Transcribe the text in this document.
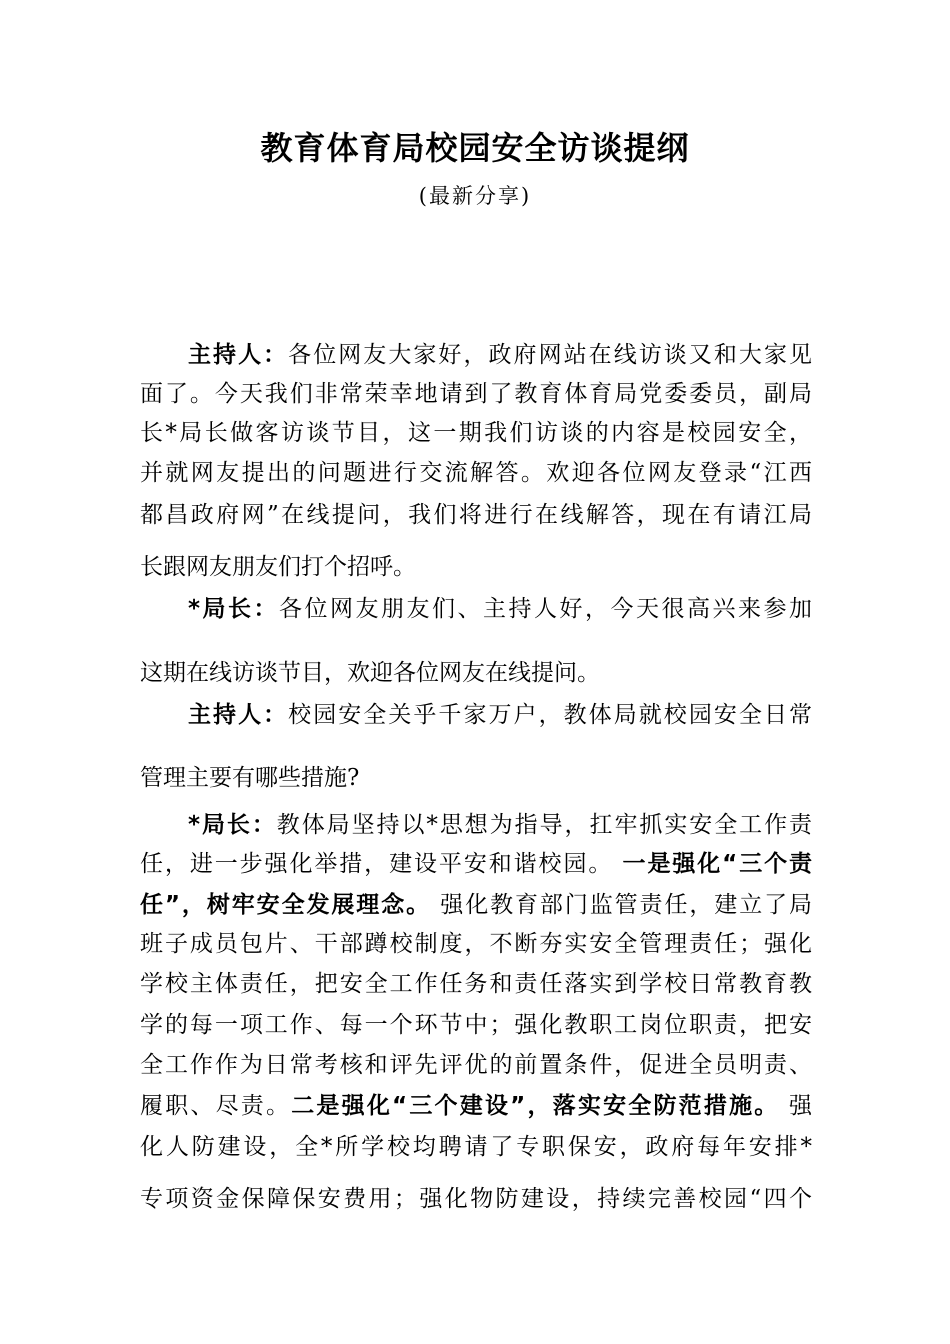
教育体育局校园安全访谈提纲
(最新分享)
主持人：各位网友大家好，政府网站在线访谈又和大家见
面了。今天我们非常荣幸地请到了教育体育局党委委员，副局
长*局长做客访谈节目，这一期我们访谈的内容是校园安全，
并就网友提出的问题进行交流解答。欢迎各位网友登录“江西
都昌政府网”在线提问，我们将进行在线解答，现在有请江局
长跟网友朋友们打个招呼。
*局长：各位网友朋友们、主持人好，今天很高兴来参加
这期在线访谈节目，欢迎各位网友在线提问。
主持人：校园安全关乎千家万户，教体局就校园安全日常
管理主要有哪些措施?
*局长：教体局坚持以*思想为指导，扛牢抓实安全工作责
任，进一步强化举措，建设平安和谐校园。 一是强化“三个责
任”，树牢安全发展理念。 强化教育部门监管责任，建立了局
班子成员包片、干部蹲校制度，不断夯实安全管理责任；强化
学校主体责任，把安全工作任务和责任落实到学校日常教育教
学的每一项工作、每一个环节中；强化教职工岗位职责，把安
全工作作为日常考核和评先评优的前置条件，促进全员明责、
履职、尽责。二是强化“三个建设”，落实安全防范措施。 强
化人防建设，全*所学校均聘请了专职保安，政府每年安排*
专项资金保障保安费用；强化物防建设，持续完善校园“四个
